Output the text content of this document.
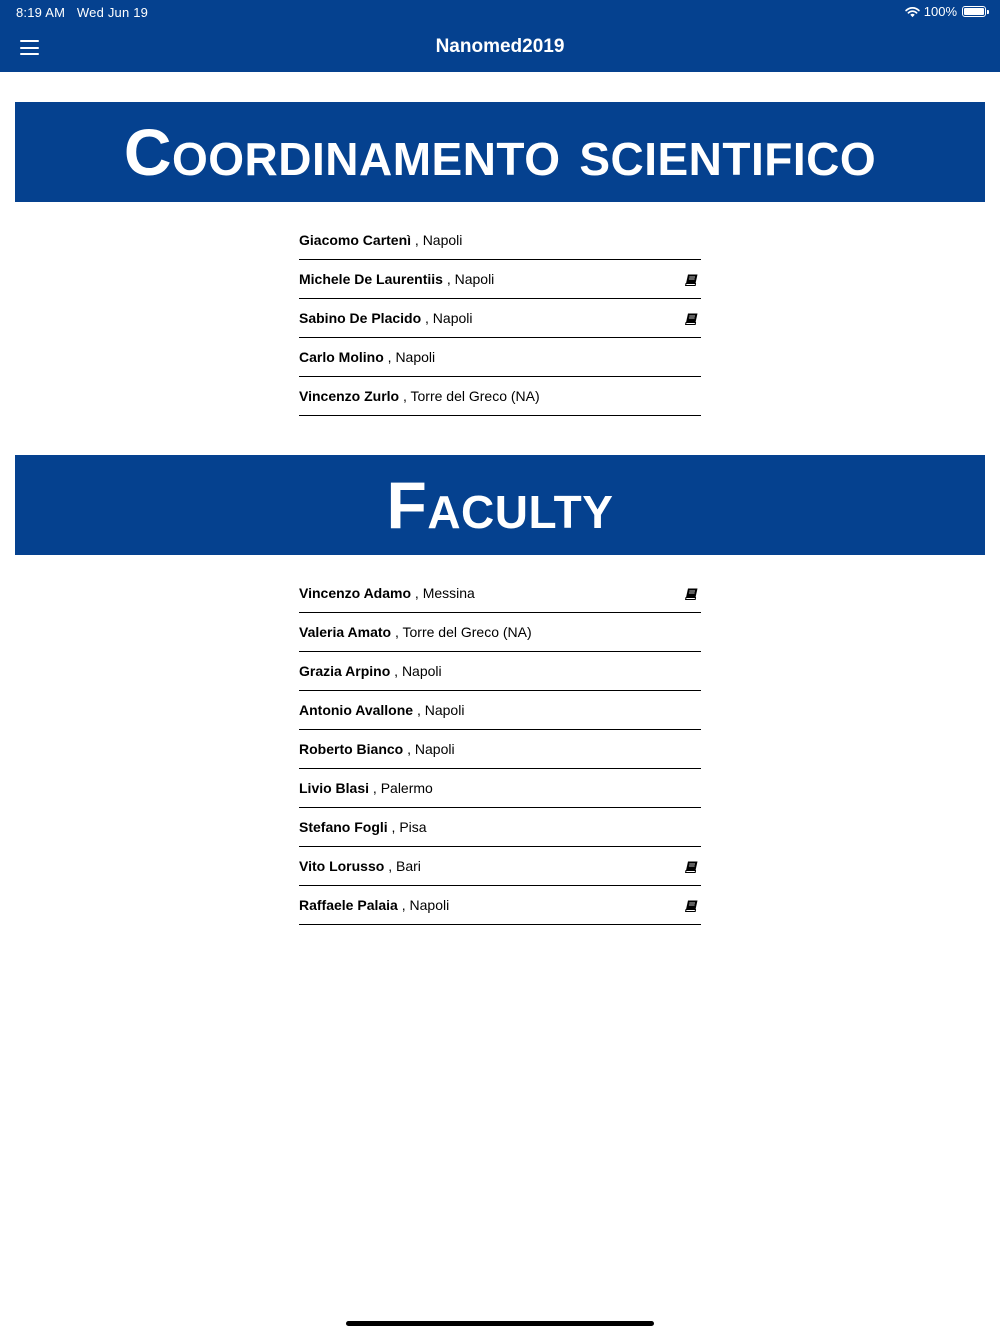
8:19 AM Wed Jun 19	100%
Nanomed2019
Coordinamento scientifico
Giacomo Cartenì , Napoli
Michele De Laurentiis , Napoli
Sabino De Placido , Napoli
Carlo Molino , Napoli
Vincenzo Zurlo , Torre del Greco (NA)
Faculty
Vincenzo Adamo , Messina
Valeria Amato , Torre del Greco (NA)
Grazia Arpino , Napoli
Antonio Avallone , Napoli
Roberto Bianco , Napoli
Livio Blasi , Palermo
Stefano Fogli , Pisa
Vito Lorusso , Bari
Raffaele Palaia , Napoli
